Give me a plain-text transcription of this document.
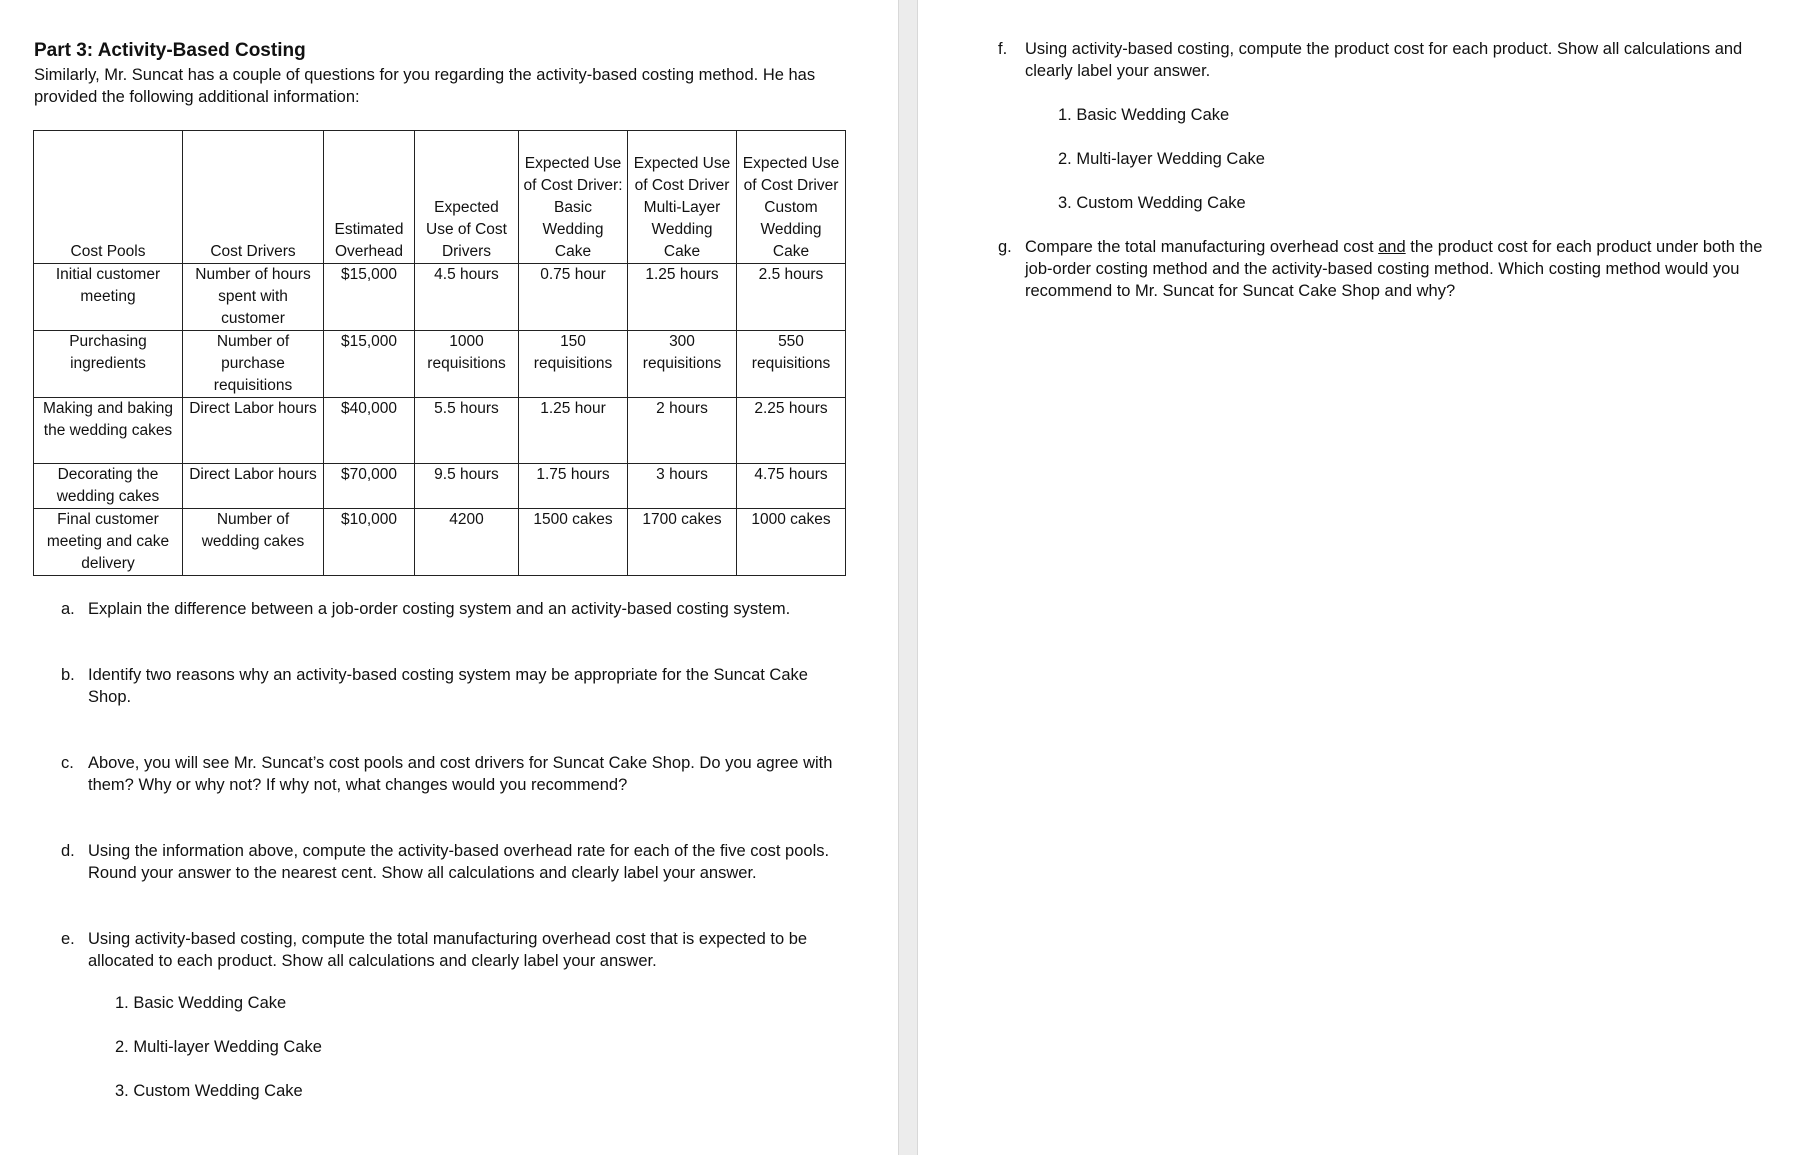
Part 3: Activity-Based Costing
Similarly, Mr. Suncat has a couple of questions for you regarding the activity-based costing method. He has provided the following additional information:
Cost Pools	Cost Drivers	Estimated Overhead	Expected Use of Cost Drivers	Expected Use of Cost Driver: Basic Wedding Cake	Expected Use of Cost Driver Multi-Layer Wedding Cake	Expected Use of Cost Driver Custom Wedding Cake
Initial customer meeting	Number of hours spent with customer	$15,000	4.5 hours	0.75 hour	1.25 hours	2.5 hours
Purchasing ingredients	Number of purchase requisitions	$15,000	1000 requisitions	150 requisitions	300 requisitions	550 requisitions
Making and baking the wedding cakes	Direct Labor hours	$40,000	5.5 hours	1.25 hour	2 hours	2.25 hours
Decorating the wedding cakes	Direct Labor hours	$70,000	9.5 hours	1.75 hours	3 hours	4.75 hours
Final customer meeting and cake delivery	Number of wedding cakes	$10,000	4200	1500 cakes	1700 cakes	1000 cakes
a. Explain the difference between a job-order costing system and an activity-based costing system.
b. Identify two reasons why an activity-based costing system may be appropriate for the Suncat Cake Shop.
c. Above, you will see Mr. Suncat’s cost pools and cost drivers for Suncat Cake Shop. Do you agree with them? Why or why not? If why not, what changes would you recommend?
d. Using the information above, compute the activity-based overhead rate for each of the five cost pools. Round your answer to the nearest cent. Show all calculations and clearly label your answer.
e. Using activity-based costing, compute the total manufacturing overhead cost that is expected to be allocated to each product. Show all calculations and clearly label your answer.
1. Basic Wedding Cake
2. Multi-layer Wedding Cake
3. Custom Wedding Cake
f. Using activity-based costing, compute the product cost for each product. Show all calculations and clearly label your answer.
1. Basic Wedding Cake
2. Multi-layer Wedding Cake
3. Custom Wedding Cake
g. Compare the total manufacturing overhead cost and the product cost for each product under both the job-order costing method and the activity-based costing method. Which costing method would you recommend to Mr. Suncat for Suncat Cake Shop and why?
